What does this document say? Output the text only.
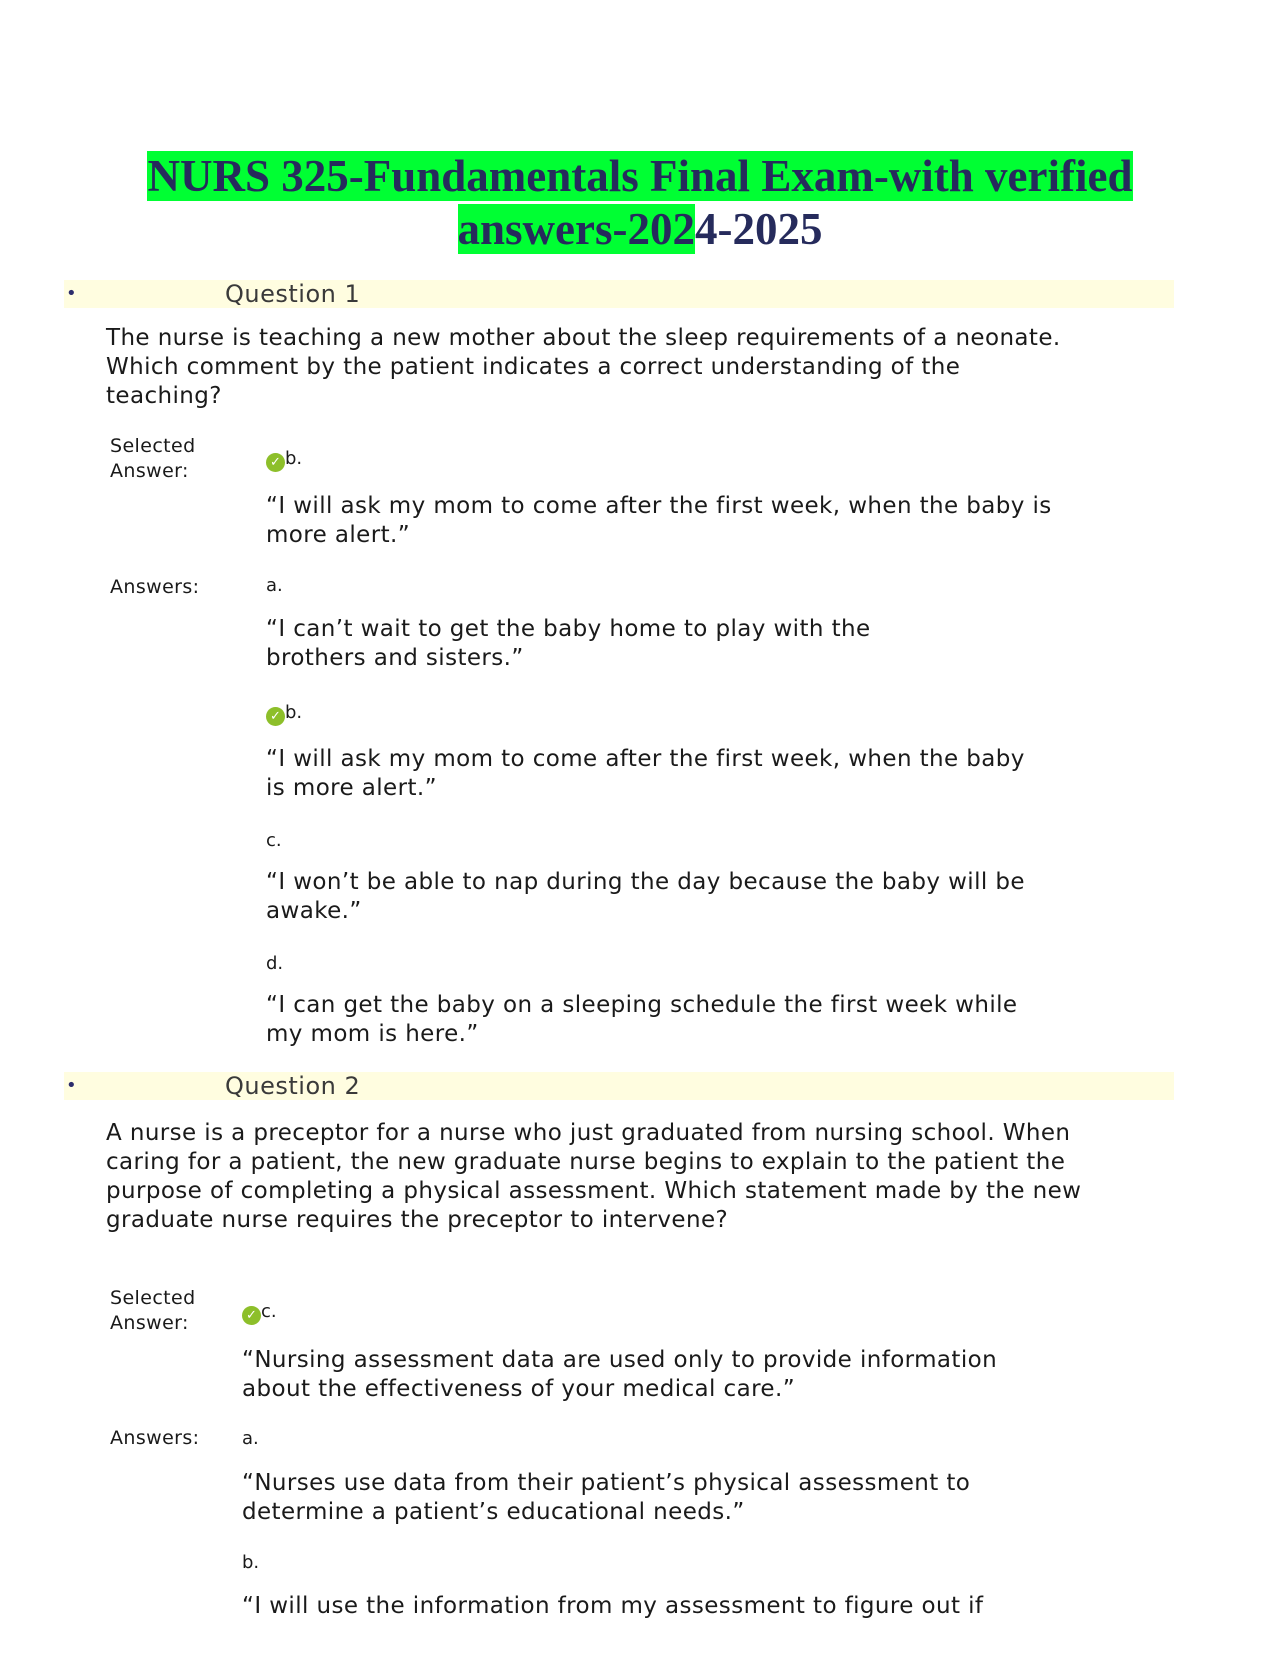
NURS 325-Fundamentals Final Exam-with verified
answers-2024-2025
•	Question 1
The nurse is teaching a new mother about the sleep requirements of a neonate. Which comment by the patient indicates a correct understanding of the teaching?
Selected Answer:	✓ b.
“I will ask my mom to come after the first week, when the baby is more alert.”
Answers:	a.
“I can’t wait to get the baby home to play with the brothers and sisters.”
✓ b.
“I will ask my mom to come after the first week, when the baby is more alert.”
c.
“I won’t be able to nap during the day because the baby will be awake.”
d.
“I can get the baby on a sleeping schedule the first week while my mom is here.”
•	Question 2
A nurse is a preceptor for a nurse who just graduated from nursing school. When caring for a patient, the new graduate nurse begins to explain to the patient the purpose of completing a physical assessment. Which statement made by the new graduate nurse requires the preceptor to intervene?
Selected Answer:	✓ c.
“Nursing assessment data are used only to provide information about the effectiveness of your medical care.”
Answers: a.
“Nurses use data from their patient’s physical assessment to determine a patient’s educational needs.”
b.
“I will use the information from my assessment to figure out if
